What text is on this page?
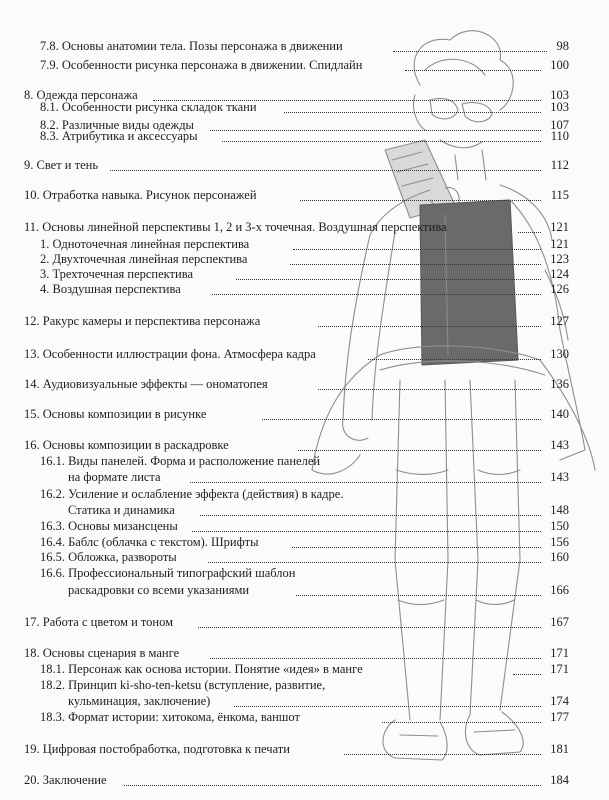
7.8. Основы анатомии тела. Позы персонажа в движении	98
7.9. Особенности рисунка персонажа в движении. Спидлайн	100
8. Одежда персонажа	103
8.1. Особенности рисунка складок ткани	103
8.2. Различные виды одежды	107
8.3. Атрибутика и аксессуары	110
9. Свет и тень	112
10. Отработка навыка. Рисунок персонажей	115
11. Основы линейной перспективы 1, 2 и 3-х точечная. Воздушная перспектива	121
1. Одноточечная линейная перспектива	121
2. Двухточечная линейная перспектива	123
3. Трехточечная перспектива	124
4. Воздушная перспектива	126
12. Ракурс камеры и перспектива персонажа	127
13. Особенности иллюстрации фона. Атмосфера кадра	130
14. Аудиовизуальные эффекты — ономатопея	136
15. Основы композиции в рисунке	140
16. Основы композиции в раскадровке	143
16.1. Виды панелей. Форма и расположение панелей
на формате листа	143
16.2. Усиление и ослабление эффекта (действия) в кадре.
Статика и динамика	148
16.3. Основы мизансцены	150
16.4. Баблс (облачка с текстом). Шрифты	156
16.5. Обложка, развороты	160
16.6. Профессиональный типографский шаблон
раскадровки со всеми указаниями	166
17. Работа с цветом и тоном	167
18. Основы сценария в манге	171
18.1. Персонаж как основа истории. Понятие «идея» в манге	171
18.2. Принцип ki-sho-ten-ketsu (вступление, развитие,
кульминация, заключение)	174
18.3. Формат истории: хитокома, ёнкома, ваншот	177
19. Цифровая постобработка, подготовка к печати	181
20. Заключение	184
